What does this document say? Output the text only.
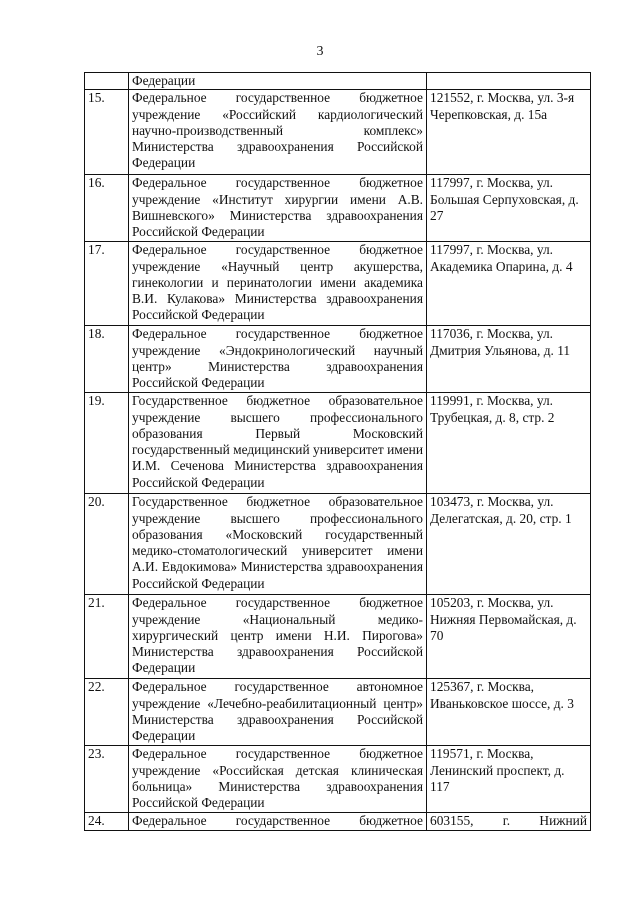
3
	Федерации	
15.	Федеральное государственное бюджетное учреждение «Российский кардиологический научно-производственный комплекс» Министерства здравоохранения Российской Федерации	121552, г. Москва, ул. 3-я Черепковская, д. 15а
16.	Федеральное государственное бюджетное учреждение «Институт хирургии имени А.В. Вишневского» Министерства здравоохранения Российской Федерации	117997, г. Москва, ул. Большая Серпуховская, д. 27
17.	Федеральное государственное бюджетное учреждение «Научный центр акушерства, гинекологии и перинатологии имени академика В.И. Кулакова» Министерства здравоохранения Российской Федерации	117997, г. Москва, ул. Академика Опарина, д. 4
18.	Федеральное государственное бюджетное учреждение «Эндокринологический научный центр» Министерства здравоохранения Российской Федерации	117036, г. Москва, ул. Дмитрия Ульянова, д. 11
19.	Государственное бюджетное образовательное учреждение высшего профессионального образования Первый Московский государственный медицинский университет имени И.М. Сеченова Министерства здравоохранения Российской Федерации	119991, г. Москва, ул. Трубецкая, д. 8, стр. 2
20.	Государственное бюджетное образовательное учреждение высшего профессионального образования «Московский государственный медико-стоматологический университет имени А.И. Евдокимова» Министерства здравоохранения Российской Федерации	103473, г. Москва, ул. Делегатская, д. 20, стр. 1
21.	Федеральное государственное бюджетное учреждение «Национальный медико-хирургический центр имени Н.И. Пирогова» Министерства здравоохранения Российской Федерации	105203, г. Москва, ул. Нижняя Первомайская, д. 70
22.	Федеральное государственное автономное учреждение «Лечебно-реабилитационный центр» Министерства здравоохранения Российской Федерации	125367, г. Москва, Иваньковское шоссе, д. 3
23.	Федеральное государственное бюджетное учреждение «Российская детская клиническая больница» Министерства здравоохранения Российской Федерации	119571, г. Москва, Ленинский проспект, д. 117
24.	Федеральное государственное бюджетное	603155, г. Нижний
